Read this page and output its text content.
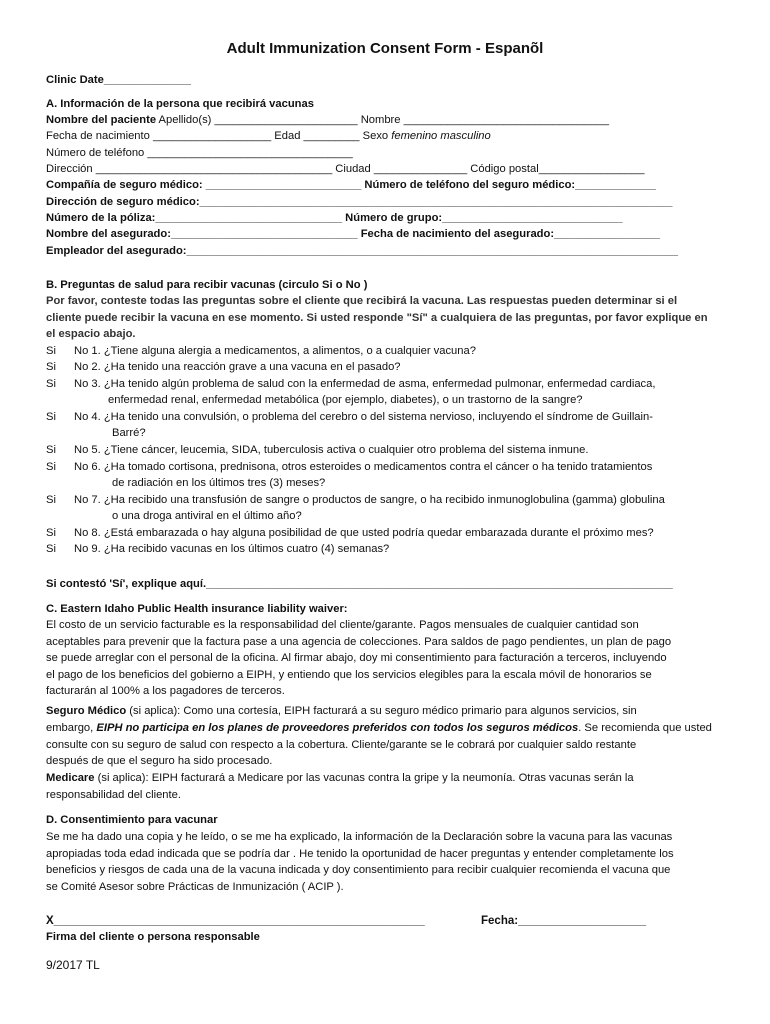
Adult Immunization Consent Form - Espanõl
Clinic Date______________
A. Información de la persona que recibirá vacunas
Nombre del paciente Apellido(s) _______________________ Nombre _________________________________
Fecha de nacimiento ___________________ Edad _________ Sexo femenino masculino
Número de teléfono _________________________________
Dirección ______________________________________ Ciudad _______________ Código postal_________________
Compañía de seguro médico: _________________________ Número de teléfono del seguro médico:_____________
Dirección de seguro médico:____________________________________________________________________________
Número de la póliza:______________________________ Número de grupo:_____________________________
Nombre del asegurado:______________________________ Fecha de nacimiento del asegurado:_________________
Empleador del asegurado:_______________________________________________________________________________
B. Preguntas de salud para recibir vacunas (circulo Si o No )
Por favor, conteste todas las preguntas sobre el cliente que recibirá la vacuna. Las respuestas pueden determinar si el
cliente puede recibir la vacuna en ese momento. Si usted responde "Sí" a cualquiera de las preguntas, por favor explique en
el espacio abajo.
Si No 1. ¿Tiene alguna alergia a medicamentos, a alimentos, o a cualquier vacuna?
Si No 2. ¿Ha tenido una reacción grave a una vacuna en el pasado?
Si No 3. ¿Ha tenido algún problema de salud con la enfermedad de asma, enfermedad pulmonar, enfermedad cardiaca,
enfermedad renal, enfermedad metabólica (por ejemplo, diabetes), o un trastorno de la sangre?
Si No 4. ¿Ha tenido una convulsión, o problema del cerebro o del sistema nervioso, incluyendo el síndrome de Guillain-
Barré?
Si No 5. ¿Tiene cáncer, leucemia, SIDA, tuberculosis activa o cualquier otro problema del sistema inmune.
Si No 6. ¿Ha tomado cortisona, prednisona, otros esteroides o medicamentos contra el cáncer o ha tenido tratamientos
de radiación en los últimos tres (3) meses?
Si No 7. ¿Ha recibido una transfusión de sangre o productos de sangre, o ha recibido inmunoglobulina (gamma) globulina
o una droga antiviral en el último año?
Si No 8. ¿Está embarazada o hay alguna posibilidad de que usted podría quedar embarazada durante el próximo mes?
Si No 9. ¿Ha recibido vacunas en los últimos cuatro (4) semanas?
Si contestó 'Sí', explique aquí.___________________________________________________________________________
C. Eastern Idaho Public Health insurance liability waiver:
El costo de un servicio facturable es la responsabilidad del cliente/garante. Pagos mensuales de cualquier cantidad son
aceptables para prevenir que la factura pase a una agencia de colecciones. Para saldos de pago pendientes, un plan de pago
se puede arreglar con el personal de la oficina. Al firmar abajo, doy mi consentimiento para facturación a terceros, incluyendo
el pago de los beneficios del gobierno a EIPH, y entiendo que los servicios elegibles para la escala móvil de honorarios se
facturarán al 100% a los pagadores de terceros.
Seguro Médico (si aplica): Como una cortesía, EIPH facturará a su seguro médico primario para algunos servicios, sin
embargo, EIPH no participa en los planes de proveedores preferidos con todos los seguros médicos. Se recomienda que usted
consulte con su seguro de salud con respecto a la cobertura. Cliente/garante se le cobrará por cualquier saldo restante
después de que el seguro ha sido procesado.
Medicare (si aplica): EIPH facturará a Medicare por las vacunas contra la gripe y la neumonía. Otras vacunas serán la
responsabilidad del cliente.
D. Consentimiento para vacunar
Se me ha dado una copia y he leído, o se me ha explicado, la información de la Declaración sobre la vacuna para las vacunas
apropiadas toda edad indicada que se podría dar . He tenido la oportunidad de hacer preguntas y entender completamente los
beneficios y riesgos de cada una de la vacuna indicada y doy consentimiento para recibir cualquier recomienda el vacuna que
se Comité Asesor sobre Prácticas de Inmunización ( ACIP ).
X__________________________________________________________	Fecha:____________________
Firma del cliente o persona responsable
9/2017 TL
